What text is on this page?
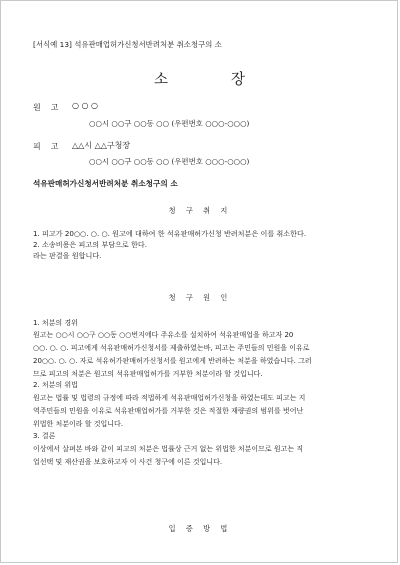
[서식예 13] 석유판매업허가신청서반려처분 취소청구의 소
소	장
원고 ○ ○ ○
○○시 ○○구 ○○동 ○○ (우편번호 ○○○-○○○)
피고 △△시 △△구청장
○○시 ○○구 ○○동 ○○ (우편번호 ○○○-○○○)
석유판매허가신청서반려처분 취소청구의 소
청 구 취 지
1. 피고가 20○○. ○. ○. 원고에 대하여 한 석유판매허가신청 반려처분은 이를 취소한다.
2. 소송비용은 피고의 부담으로 한다.
라는 판결을 원합니다.
청 구 원 인
1. 처분의 경위
원고는 ○○시 ○○구 ○○동 ○○번지에다 주유소를 설치하여 석유판매업을 하고자 20
○○. ○. ○. 피고에게 석유판매허가신청서를 제출하였는바, 피고는 주민들의 민원을 이유로
20○○. ○. ○. 자로 석유허가판매허가신청서를 원고에게 반려하는 처분을 하였습니다. 그러
므로 피고의 처분은 원고의 석유판매업허가를 거부한 처분이라 할 것입니다.
2. 처분의 위법
원고는 법률 및 법령의 규정에 따라 적법하게 석유판매업허가신청을 하였는데도 피고는 지
역주민들의 민원을 이유로 석유판매업허가를 거부한 것은 적절한 재량권의 범위를 벗어난
위법한 처분이라 할 것입니다.
3. 결론
이상에서 살펴본 바와 같이 피고의 처분은 법률상 근거 없는 위법한 처분이므로 원고는 직
업선택 및 재산권을 보호하고자 이 사건 청구에 이른 것입니다.
입 증 방 법
